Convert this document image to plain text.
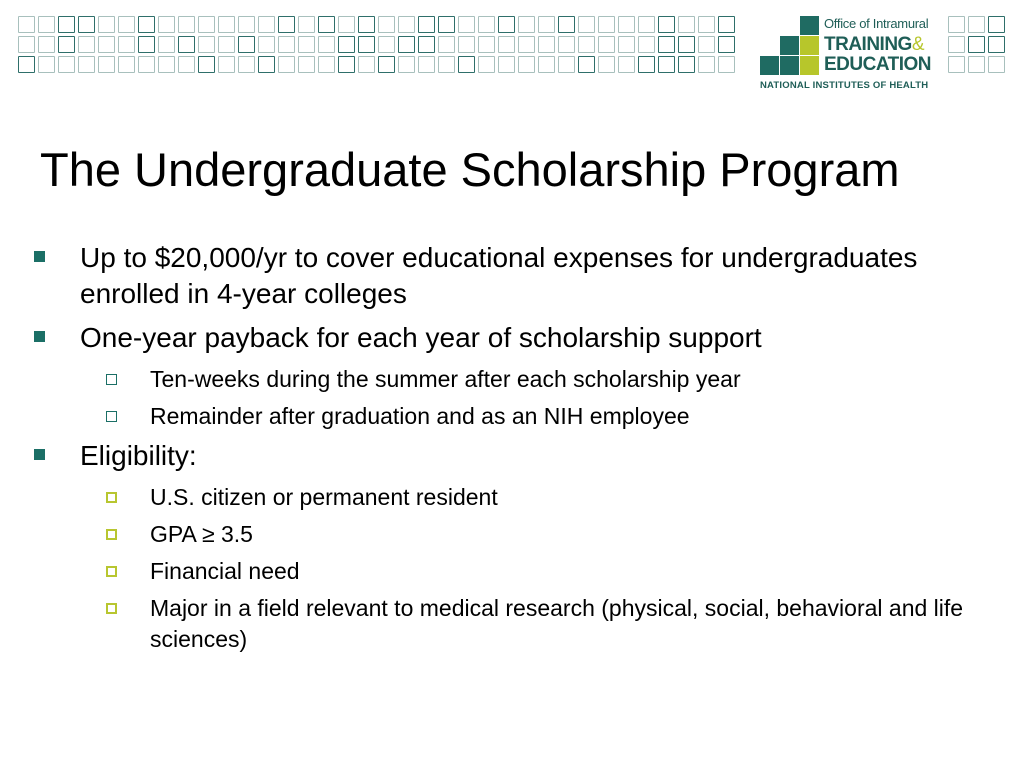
Office of Intramural
TRAINING&
EDUCATION
NATIONAL INSTITUTES OF HEALTH
The Undergraduate Scholarship Program
Up to $20,000/yr to cover educational expenses for undergraduates enrolled in 4-year colleges
One-year payback for each year of scholarship support
Ten-weeks during the summer after each scholarship year
Remainder after graduation and as an NIH employee
Eligibility:
U.S. citizen or permanent resident
GPA ≥ 3.5
Financial need
Major in a field relevant to medical research (physical, social, behavioral and life sciences)
